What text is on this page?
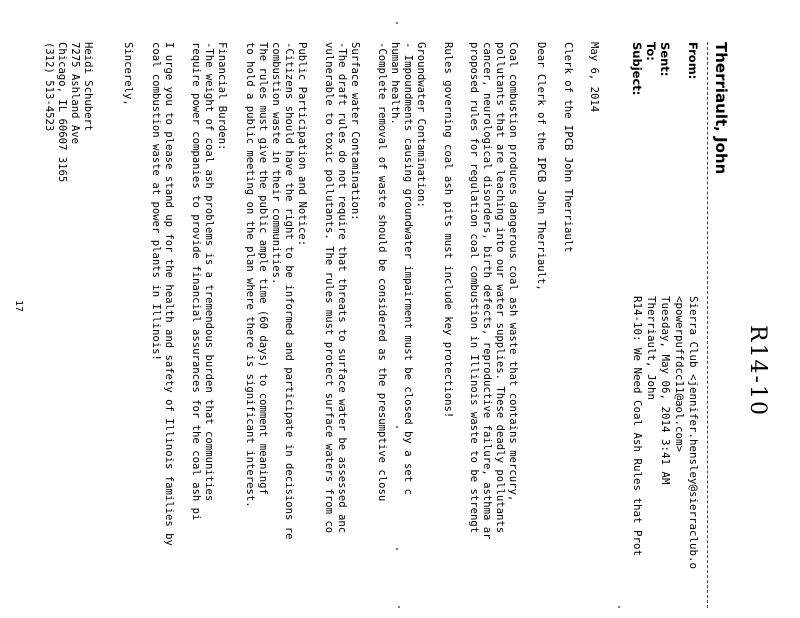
R14-10
Therriault, John
From:
Sent:
To:
Subject:
Sierra Club <jennifer.hensley@sierraclub.o
<powerpuffdcc11@aol.com>
Tuesday, May 06, 2014 3:41 AM
Therriault, John
R14-10: We Need Coal Ash Rules that Prot
May 6, 2014
Clerk of the IPCB John Therriault
Dear Clerk of the IPCB John Therriault,
Coal combustion produces dangerous coal ash waste that contains mercury,
pollutants that are leaching into our water supplies. These deadly pollutants
cancer, neurological disorders, birth defects, reproductive failure, asthma ar
proposed rules for regulation coal combustion in Illinois waste to be strengt
Rules governing coal ash pits must include key protections!
Groundwater Contamination:
- Impoundments causing groundwater impairment must be closed by a set c
human health.
-Complete removal of waste should be considered as the presumptive closu
Surface water Contamination:
-The draft rules do not require that threats to surface water be assessed anc
vulnerable to toxic pollutants. The rules must protect surface waters from co
Public Participation and Notice:
-Citizens should have the right to be informed and participate in decisions re
combustion waste in their communities.
The rules must give the public ample time (60 days) to comment meaningf
to hold a public meeting on the plan where there is significant interest.
Financial Burden:
-The weight of coal ash problems is a tremendous burden that communities
require power companies to provide financial assurances for the coal ash pi
I urge you to please stand up for the health and safety of Illinois families by
coal combustion waste at power plants in Illinois!
Sincerely,
Heidi Schubert
7275 Ashland Ave
Chicago, IL 60607 3165
(312) 513-4523
17
